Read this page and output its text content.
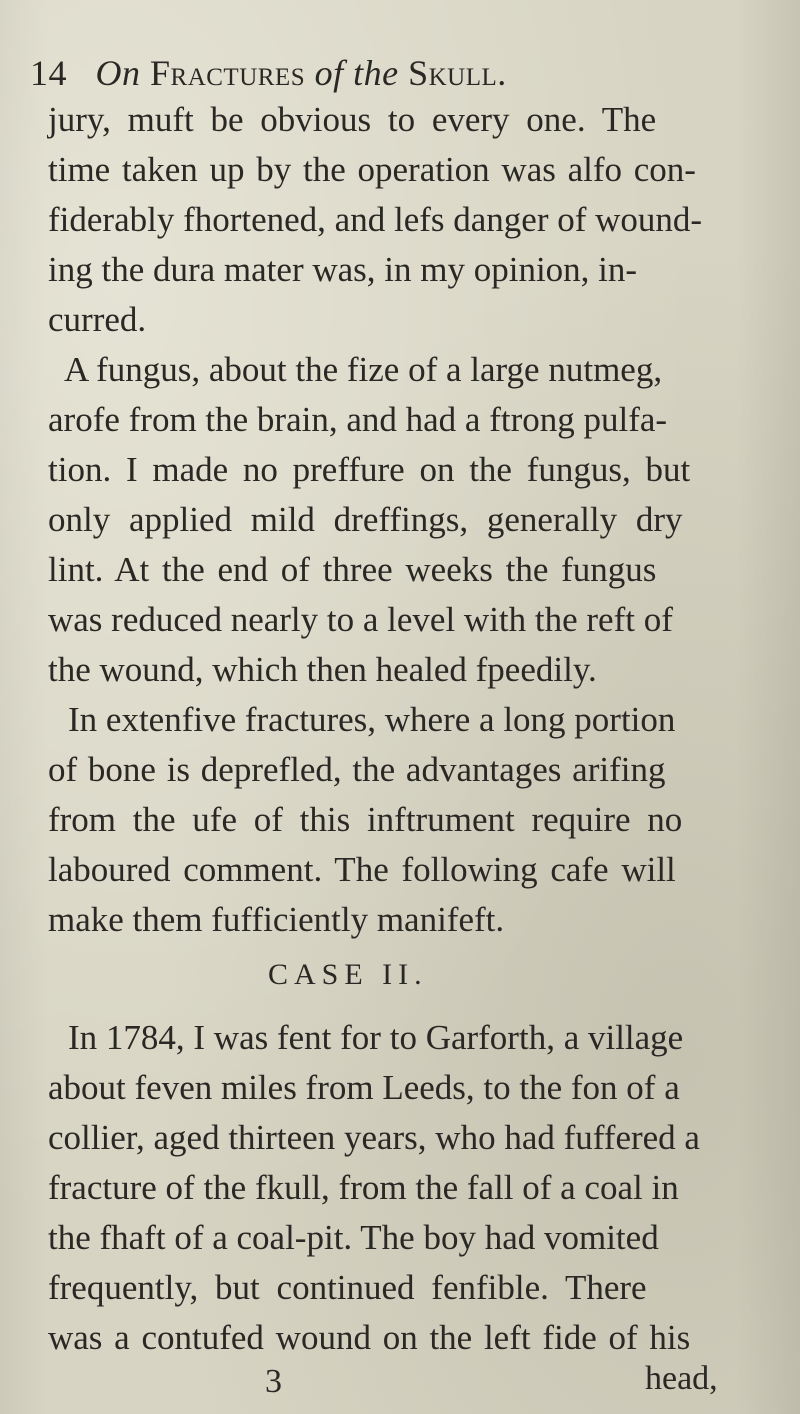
14 On Fractures of the Skull.
jury, muft be obvious to every one. The
time taken up by the operation was alfo con-
fiderably fhortened, and lefs danger of wound-
ing the dura mater was, in my opinion, in-
curred.
A fungus, about the fize of a large nutmeg,
arofe from the brain, and had a ftrong pulfa-
tion. I made no preffure on the fungus, but
only applied mild dreffings, generally dry
lint. At the end of three weeks the fungus
was reduced nearly to a level with the reft of
the wound, which then healed fpeedily.
In extenfive fractures, where a long portion
of bone is deprefled, the advantages arifing
from the ufe of this inftrument require no
laboured comment. The following cafe will
make them fufficiently manifeft.
CASE II.
In 1784, I was fent for to Garforth, a village
about feven miles from Leeds, to the fon of a
collier, aged thirteen years, who had fuffered a
fracture of the fkull, from the fall of a coal in
the fhaft of a coal-pit. The boy had vomited
frequently, but continued fenfible. There
was a contufed wound on the left fide of his
3	head,
